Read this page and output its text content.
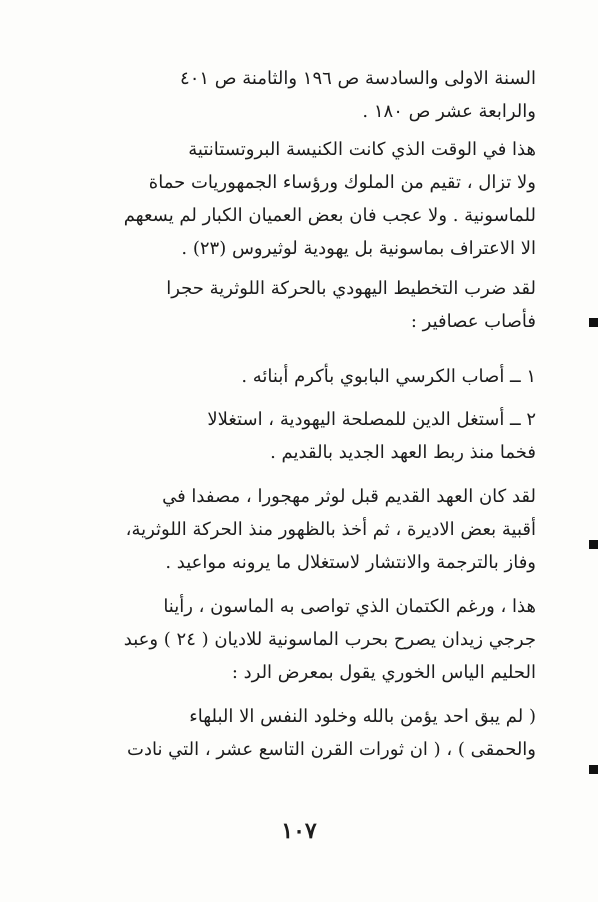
السنة الاولى والسادسة ص ١٩٦ والثامنة ص ٤٠١
والرابعة عشر ص ١٨٠ .
هذا في الوقت الذي كانت الكنيسة البروتستانتية
ولا تزال ، تقيم من الملوك ورؤساء الجمهوريات حماة
للماسونية . ولا عجب فان بعض العميان الكبار لم يسعهم
الا الاعتراف بماسونية بل يهودية لوثيروس (٢٣) .
لقد ضرب التخطيط اليهودي بالحركة اللوثرية حجرا
فأصاب عصافير :
١ ــ أصاب الكرسي البابوي بأكرم أبنائه .
٢ ــ أستغل الدين للمصلحة اليهودية ، استغلالا
فخما منذ ربط العهد الجديد بالقديم .
لقد كان العهد القديم قبل لوثر مهجورا ، مصفدا في
أقبية بعض الاديرة ، ثم أخذ بالظهور منذ الحركة اللوثرية،
وفاز بالترجمة والانتشار لاستغلال ما يرونه مواعيد .
هذا ، ورغم الكتمان الذي تواصى به الماسون ، رأينا
جرجي زيدان يصرح بحرب الماسونية للاديان ( ٢٤ ) وعبد
الحليم الياس الخوري يقول بمعرض الرد :
( لم يبق احد يؤمن بالله وخلود النفس الا البلهاء
والحمقى ) ، ( ان ثورات القرن التاسع عشر ، التي نادت
١٠٧
